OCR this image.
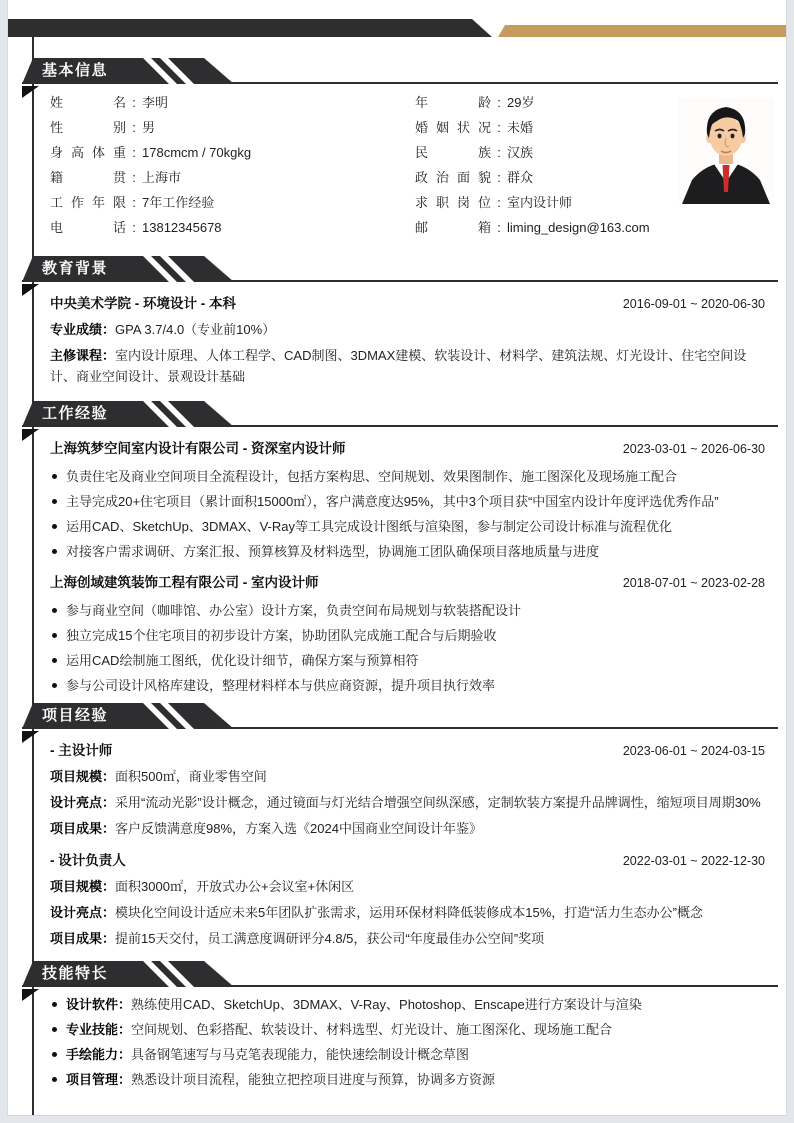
基本信息
姓名 : 李明
性别 : 男
身高体重 : 178cmcm / 70kgkg
籍贯 : 上海市
工作年限 : 7年工作经验
电话 : 13812345678
年龄 : 29岁
婚姻状况 : 未婚
民族 : 汉族
政治面貌 : 群众
求职岗位 : 室内设计师
邮箱 : liming_design@163.com
教育背景
中央美术学院 - 环境设计 - 本科	2016-09-01 ~ 2020-06-30

专业成绩：GPA 3.7/4.0（专业前10%）

主修课程：室内设计原理、人体工程学、CAD制图、3DMAX建模、软装设计、材料学、建筑法规、灯光设计、住宅空间设计、商业空间设计、景观设计基础

工作经验
上海筑梦空间室内设计有限公司 - 资深室内设计师	2023-03-01 ~ 2026-06-30
负责住宅及商业空间项目全流程设计，包括方案构思、空间规划、效果图制作、施工图深化及现场施工配合
主导完成20+住宅项目（累计面积15000㎡），客户满意度达95%，其中3个项目获“中国室内设计年度评选优秀作品”
运用CAD、SketchUp、3DMAX、V-Ray等工具完成设计图纸与渲染图，参与制定公司设计标准与流程优化
对接客户需求调研、方案汇报、预算核算及材料选型，协调施工团队确保项目落地质量与进度
上海创域建筑装饰工程有限公司 - 室内设计师	2018-07-01 ~ 2023-02-28
参与商业空间（咖啡馆、办公室）设计方案，负责空间布局规划与软装搭配设计
独立完成15个住宅项目的初步设计方案，协助团队完成施工配合与后期验收
运用CAD绘制施工图纸，优化设计细节，确保方案与预算相符
参与公司设计风格库建设，整理材料样本与供应商资源，提升项目执行效率
项目经验
- 主设计师	2023-06-01 ~ 2024-03-15

项目规模：面积500㎡，商业零售空间

设计亮点：采用“流动光影”设计概念，通过镜面与灯光结合增强空间纵深感，定制软装方案提升品牌调性，缩短项目周期30%

项目成果：客户反馈满意度98%，方案入选《2024中国商业空间设计年鉴》

- 设计负责人	2022-03-01 ~ 2022-12-30

项目规模：面积3000㎡，开放式办公+会议室+休闲区

设计亮点：模块化空间设计适应未来5年团队扩张需求，运用环保材料降低装修成本15%，打造“活力生态办公”概念

项目成果：提前15天交付，员工满意度调研评分4.8/5，获公司“年度最佳办公空间”奖项

技能特长
设计软件：熟练使用CAD、SketchUp、3DMAX、V-Ray、Photoshop、Enscape进行方案设计与渲染
专业技能：空间规划、色彩搭配、软装设计、材料选型、灯光设计、施工图深化、现场施工配合
手绘能力：具备钢笔速写与马克笔表现能力，能快速绘制设计概念草图
项目管理：熟悉设计项目流程，能独立把控项目进度与预算，协调多方资源
